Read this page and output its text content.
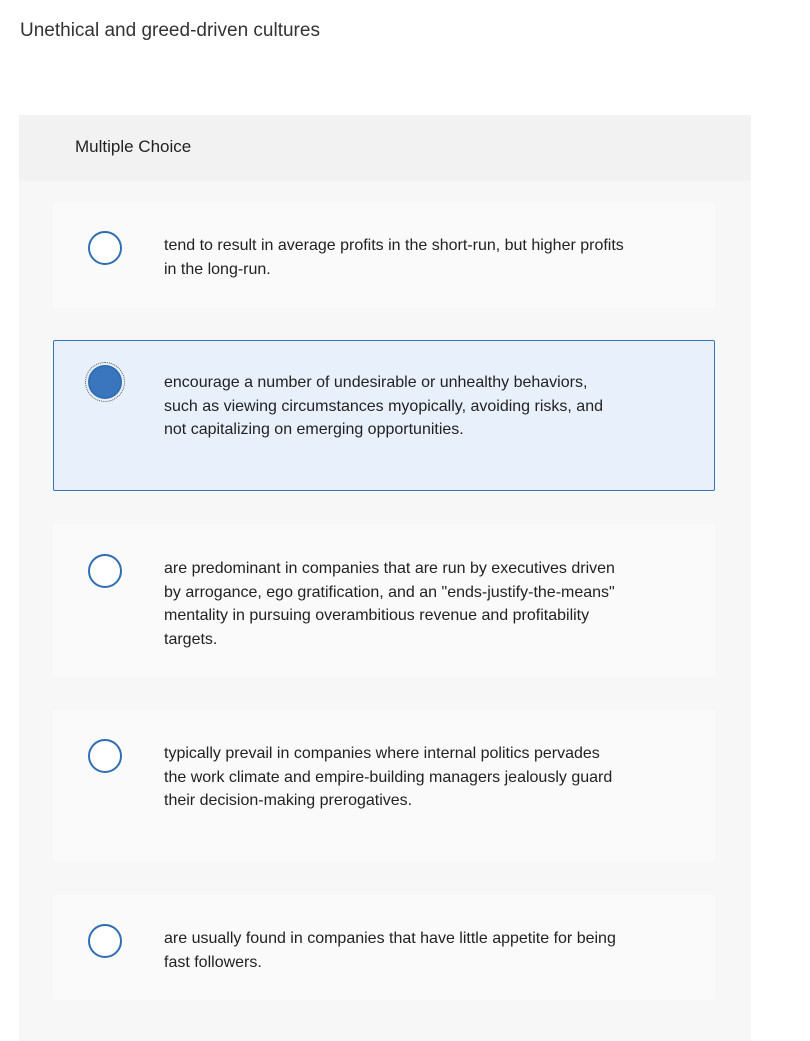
Unethical and greed-driven cultures
Multiple Choice
tend to result in average profits in the short-run, but higher profits in the long-run.
encourage a number of undesirable or unhealthy behaviors, such as viewing circumstances myopically, avoiding risks, and not capitalizing on emerging opportunities.
are predominant in companies that are run by executives driven by arrogance, ego gratification, and an "ends-justify-the-means" mentality in pursuing overambitious revenue and profitability targets.
typically prevail in companies where internal politics pervades the work climate and empire-building managers jealously guard their decision-making prerogatives.
are usually found in companies that have little appetite for being fast followers.
